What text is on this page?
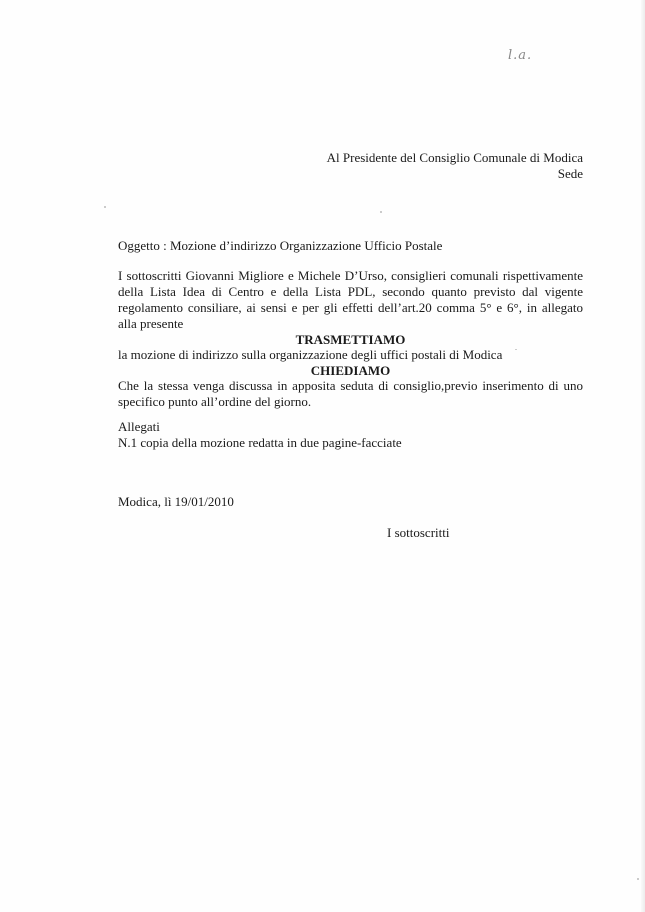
l.a.
Al Presidente del Consiglio Comunale di Modica
Sede
Oggetto : Mozione d’indirizzo Organizzazione Ufficio Postale
I sottoscritti Giovanni Migliore e Michele D’Urso, consiglieri comunali rispettivamente
della Lista Idea di Centro e della Lista PDL, secondo quanto previsto dal vigente
regolamento consiliare, ai sensi e per gli effetti dell’art.20 comma 5° e 6°, in allegato
alla presente
TRASMETTIAMO
la mozione di indirizzo sulla organizzazione degli uffici postali di Modica
CHIEDIAMO
Che la stessa venga discussa in apposita seduta di consiglio,previo inserimento di uno
specifico punto all’ordine del giorno.
Allegati
N.1 copia della mozione redatta in due pagine-facciate
Modica, lì 19/01/2010
I sottoscritti
